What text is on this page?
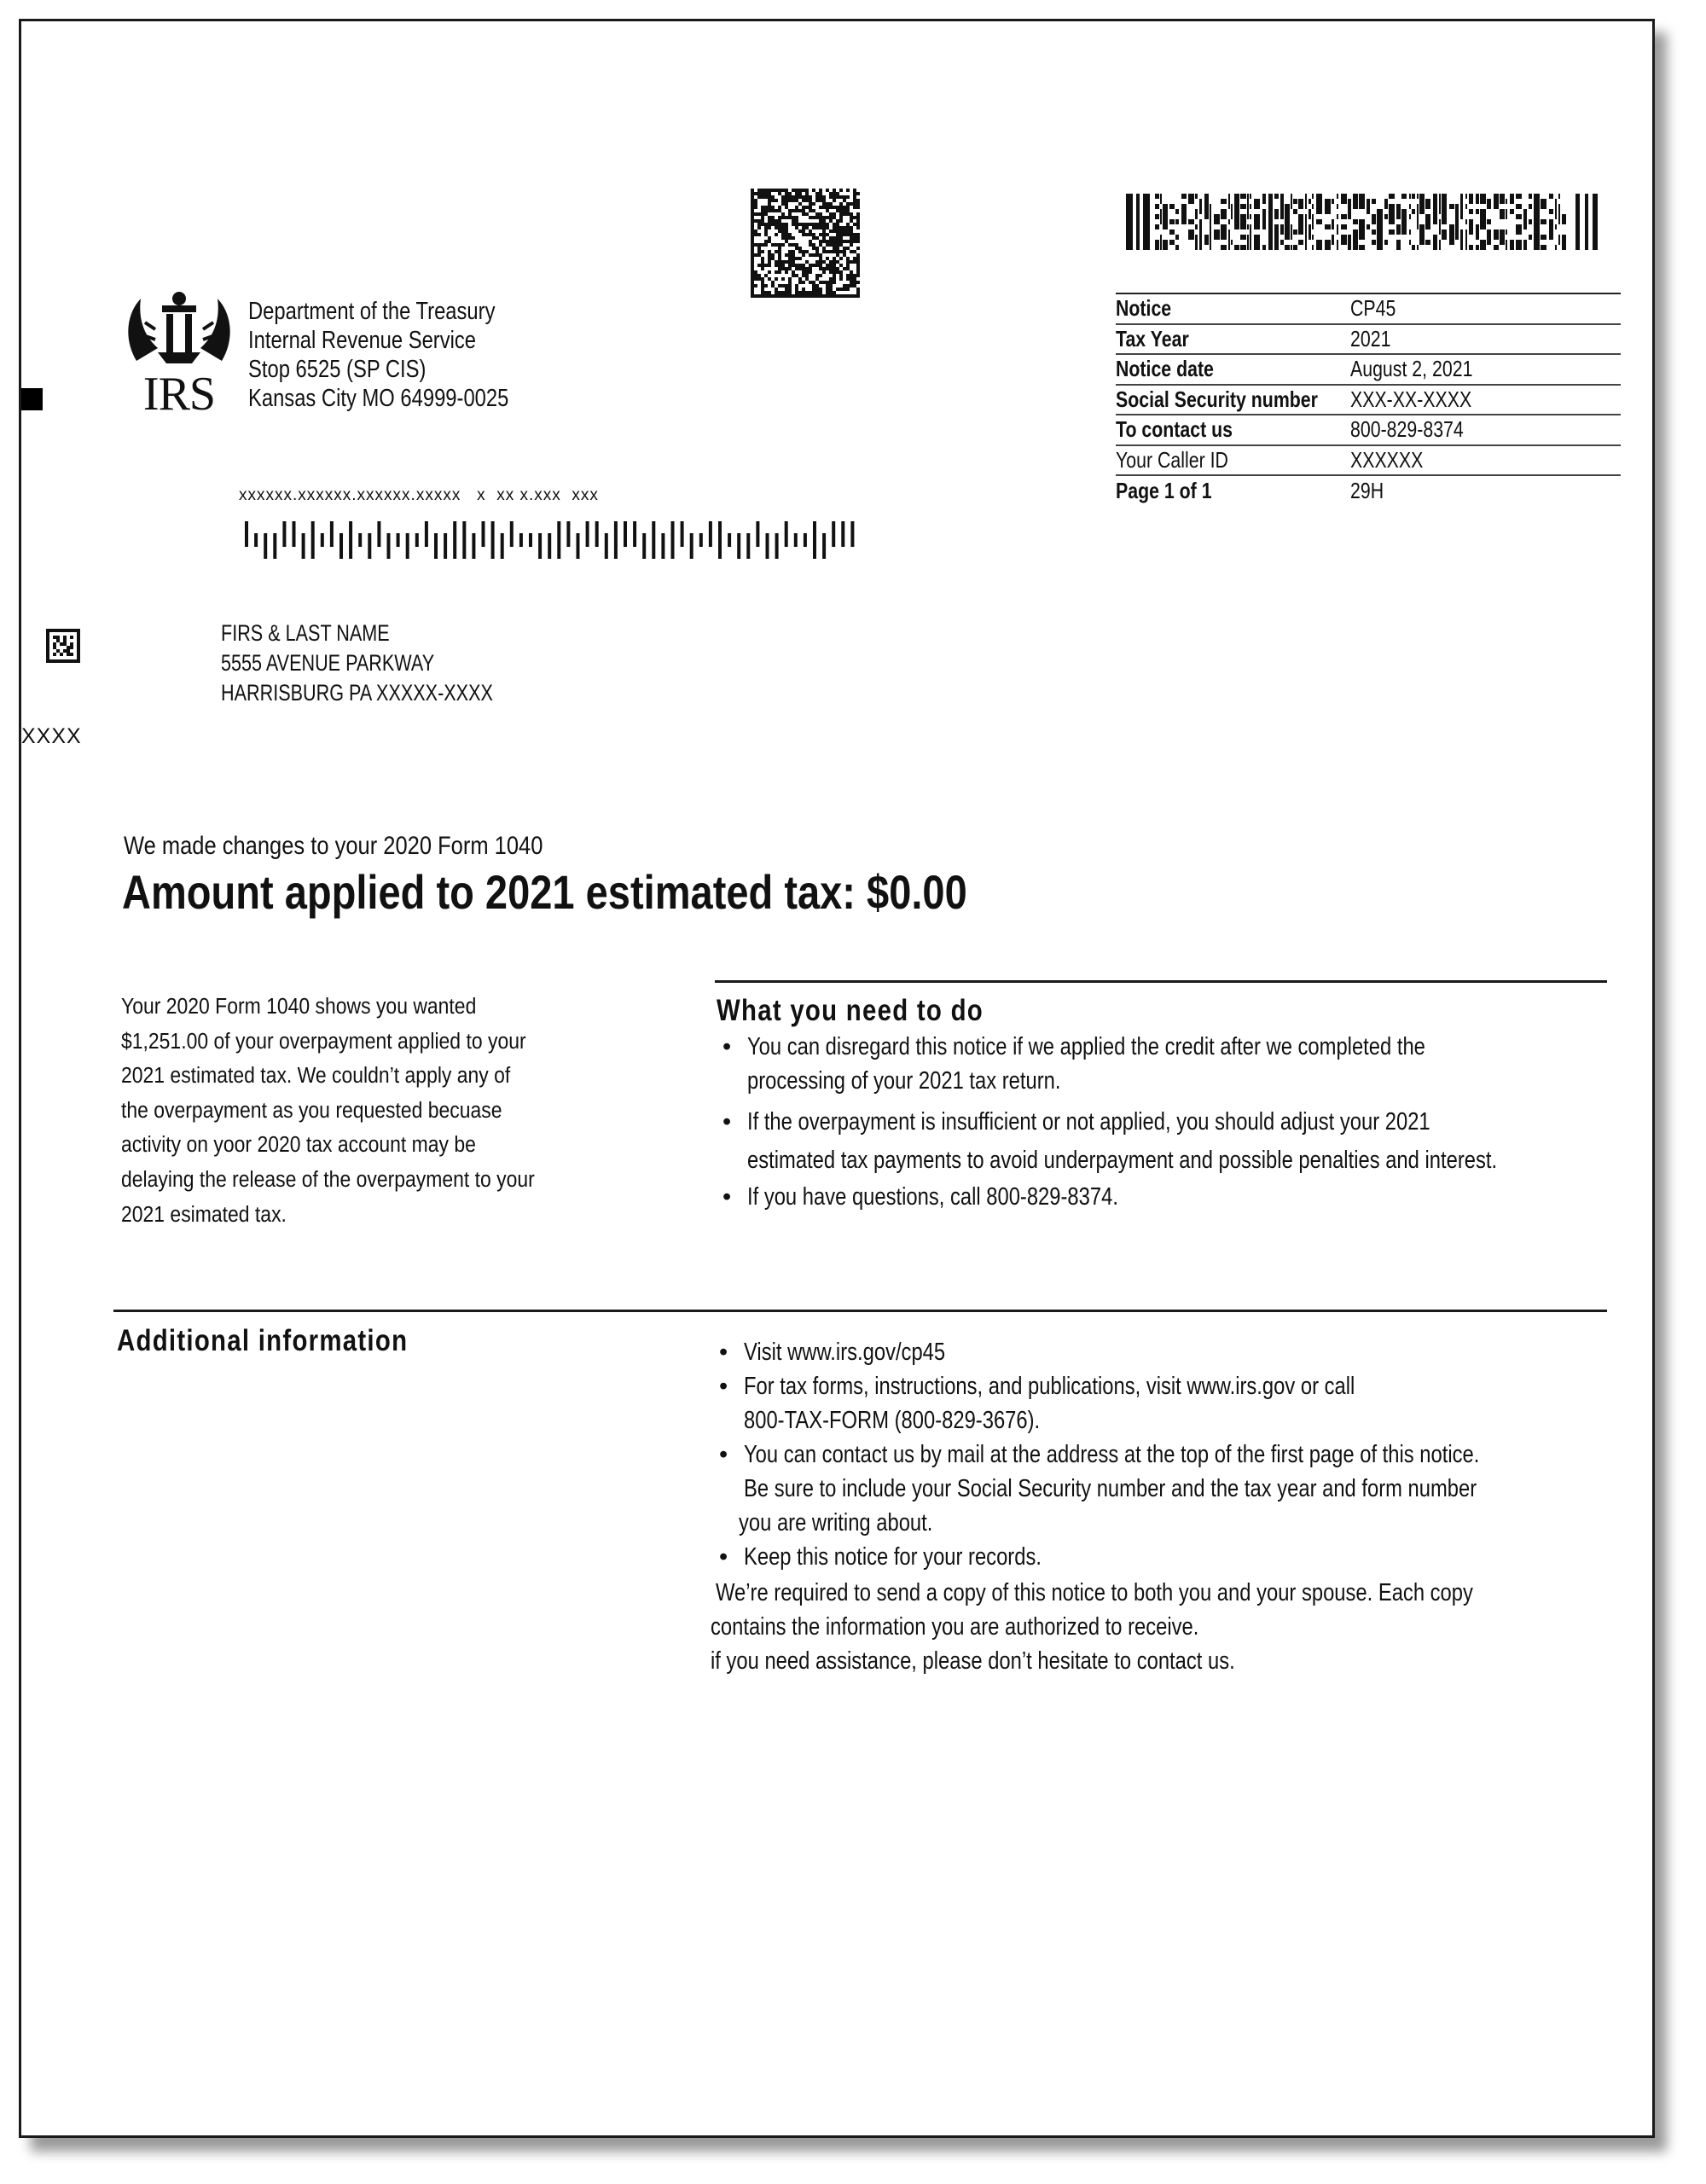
IRS
Department of the Treasury
Internal Revenue Service
Stop 6525 (SP CIS)
Kansas City MO 64999-0025
XXXX
xxxxxx.xxxxxx.xxxxxx.xxxxx   x  xx x.xxx  xxx
Notice	CP45
Tax Year	2021
Notice date	August 2, 2021
Social Security number	XXX-XX-XXXX
To contact us	800-829-8374
Your Caller ID	XXXXXX
Page 1 of 1	29H
FIRS & LAST NAME
5555 AVENUE PARKWAY
HARRISBURG PA XXXXX-XXXX
We made changes to your 2020 Form 1040
Amount applied to 2021 estimated tax: $0.00
Your 2020 Form 1040 shows you wanted
$1,251.00 of your overpayment applied to your
2021 estimated tax. We couldn’t apply any of
the overpayment as you requested becuase
activity on yoor 2020 tax account may be
delaying the release of the overpayment to your
2021 esimated tax.
What you need to do
• You can disregard this notice if we applied the credit after we completed the
processing of your 2021 tax return.
• If the overpayment is insufficient or not applied, you should adjust your 2021
estimated tax payments to avoid underpayment and possible penalties and interest.
• If you have questions, call 800-829-8374.
Additional information
•	Visit www.irs.gov/cp45
• For tax forms, instructions, and publications, visit www.irs.gov or call
800-TAX-FORM (800-829-3676).
• You can contact us by mail at the address at the top of the first page of this notice.
Be sure to include your Social Security number and the tax year and form number
you are writing about.
• Keep this notice for your records.
We’re required to send a copy of this notice to both you and your spouse. Each copy
contains the information you are authorized to receive.
if you need assistance, please don’t hesitate to contact us.
